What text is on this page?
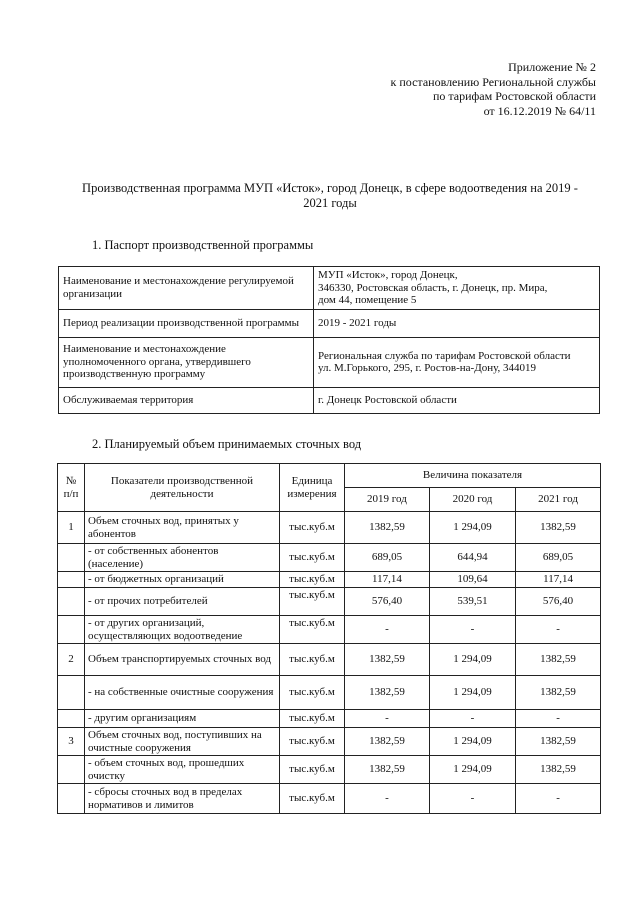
Приложение № 2
к постановлению Региональной службы
по тарифам Ростовской области
от 16.12.2019 № 64/11
Производственная программа МУП «Исток», город Донецк, в сфере водоотведения на 2019 -
2021 годы
1. Паспорт производственной программы
Наименование и местонахождение регулируемой организации	МУП «Исток», город Донецк,
346330, Ростовская область, г. Донецк, пр. Мира,
дом 44, помещение 5

Период реализации производственной программы	2019 - 2021 годы

Наименование и местонахождение уполномоченного органа, утвердившего производственную программу	Региональная служба по тарифам Ростовской области
ул. М.Горького, 295, г. Ростов-на-Дону, 344019

Обслуживаемая территория	г. Донецк Ростовской области
2. Планируемый объем принимаемых сточных вод
№ п/п	Показатели производственной деятельности	Единица измерения	Величина показателя		
			2019 год	2020 год	2021 год
1	Объем сточных вод, принятых у абонентов	тыс.куб.м	1382,59	1 294,09	1382,59
	- от собственных абонентов (население)	тыс.куб.м	689,05	644,94	689,05
	- от бюджетных организаций	тыс.куб.м	117,14	109,64	117,14
	- от прочих потребителей	тыс.куб.м	576,40	539,51	576,40
	- от других организаций, осуществляющих водоотведение	тыс.куб.м	-	-	-
2	Объем транспортируемых сточных вод	тыс.куб.м	1382,59	1 294,09	1382,59
	- на собственные очистные сооружения	тыс.куб.м	1382,59	1 294,09	1382,59
	- другим организациям	тыс.куб.м	-	-	-
3	Объем сточных вод, поступивших на очистные сооружения	тыс.куб.м	1382,59	1 294,09	1382,59
	- объем сточных вод, прошедших очистку	тыс.куб.м	1382,59	1 294,09	1382,59
	- сбросы сточных вод в пределах нормативов и лимитов	тыс.куб.м	-	-	-
